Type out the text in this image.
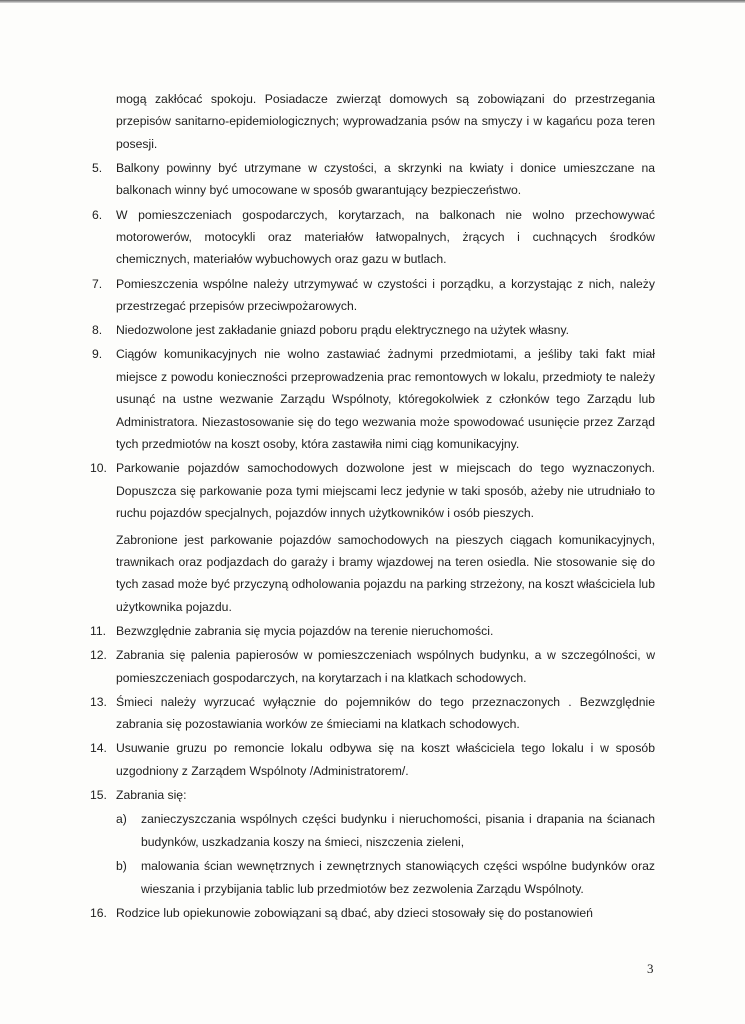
mogą zakłócać spokoju. Posiadacze zwierząt domowych są zobowiązani do przestrzegania przepisów sanitarno-epidemiologicznych; wyprowadzania psów na smyczy i w kagańcu poza teren posesji.

5. Balkony powinny być utrzymane w czystości, a skrzynki na kwiaty i donice umieszczane na balkonach winny być umocowane w sposób gwarantujący bezpieczeństwo.

6. W pomieszczeniach gospodarczych, korytarzach, na balkonach nie wolno przechowywać motorowerów, motocykli oraz materiałów łatwopalnych, żrących i cuchnących środków chemicznych, materiałów wybuchowych oraz gazu w butlach.

7. Pomieszczenia wspólne należy utrzymywać w czystości i porządku, a korzystając z nich, należy przestrzegać przepisów przeciwpożarowych.

8. Niedozwolone jest zakładanie gniazd poboru prądu elektrycznego na użytek własny.

9. Ciągów komunikacyjnych nie wolno zastawiać żadnymi przedmiotami, a jeśliby taki fakt miał miejsce z powodu konieczności przeprowadzenia prac remontowych w lokalu, przedmioty te należy usunąć na ustne wezwanie Zarządu Wspólnoty, któregokolwiek z członków tego Zarządu lub Administratora. Niezastosowanie się do tego wezwania może spowodować usunięcie przez Zarząd tych przedmiotów na koszt osoby, która zastawiła nimi ciąg komunikacyjny.

10. Parkowanie pojazdów samochodowych dozwolone jest w miejscach do tego wyznaczonych. Dopuszcza się parkowanie poza tymi miejscami lecz jedynie w taki sposób, ażeby nie utrudniało to ruchu pojazdów specjalnych, pojazdów innych użytkowników i osób pieszych.

Zabronione jest parkowanie pojazdów samochodowych na pieszych ciągach komunikacyjnych, trawnikach oraz podjazdach do garaży i bramy wjazdowej na teren osiedla. Nie stosowanie się do tych zasad może być przyczyną odholowania pojazdu na parking strzeżony, na koszt właściciela lub użytkownika pojazdu.

11. Bezwzględnie zabrania się mycia pojazdów na terenie nieruchomości.

12. Zabrania się palenia papierosów w pomieszczeniach wspólnych budynku, a w szczególności, w pomieszczeniach gospodarczych, na korytarzach i na klatkach schodowych.

13. Śmieci należy wyrzucać wyłącznie do pojemników do tego przeznaczonych . Bezwzględnie zabrania się pozostawiania worków ze śmieciami na klatkach schodowych.

14. Usuwanie gruzu po remoncie lokalu odbywa się na koszt właściciela tego lokalu i w sposób uzgodniony z Zarządem Wspólnoty /Administratorem/.

15. Zabrania się:

a) zanieczyszczania wspólnych części budynku i nieruchomości, pisania i drapania na ścianach budynków, uszkadzania koszy na śmieci, niszczenia zieleni,
b) malowania ścian wewnętrznych i zewnętrznych stanowiących części wspólne budynków oraz wieszania i przybijania tablic lub przedmiotów bez zezwolenia Zarządu Wspólnoty.
16. Rodzice lub opiekunowie zobowiązani są dbać, aby dzieci stosowały się do postanowień

3
